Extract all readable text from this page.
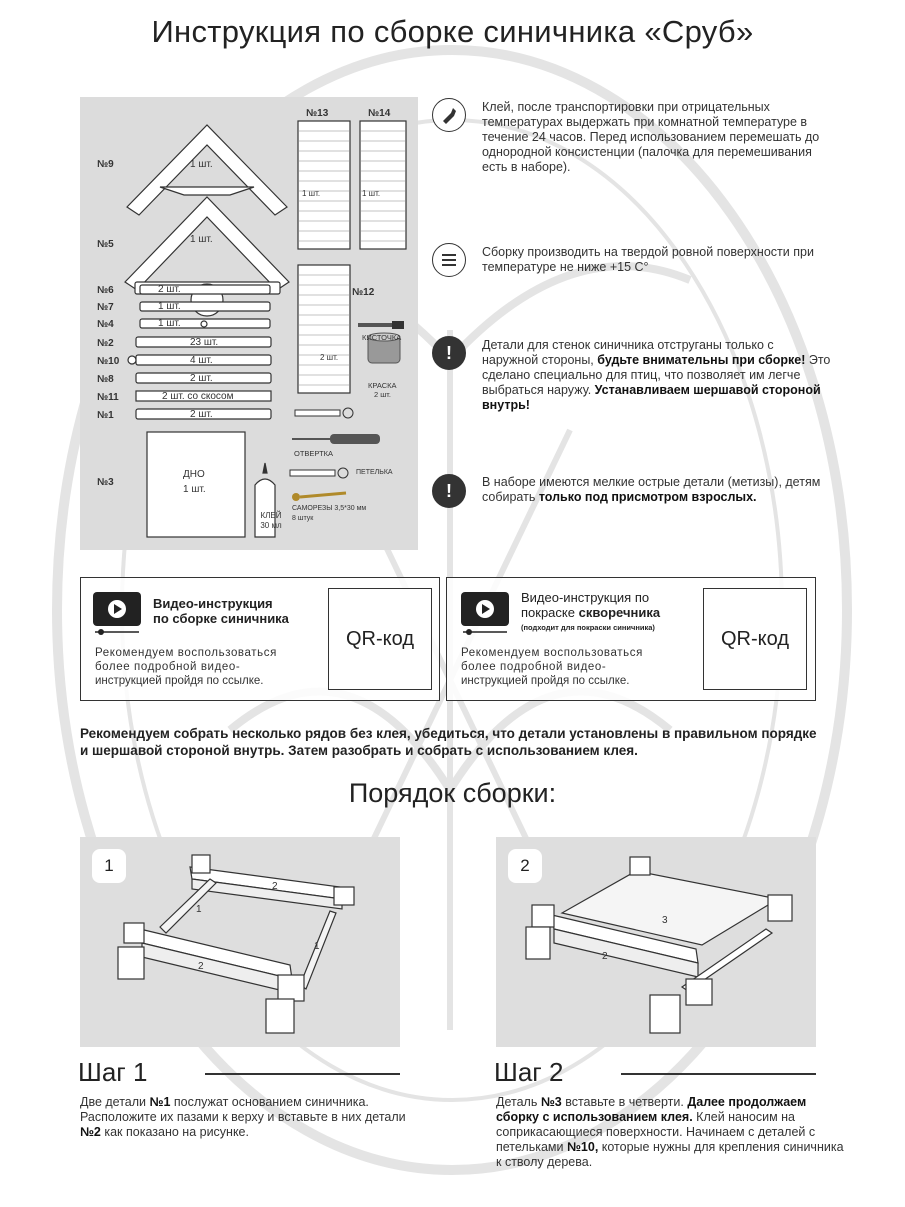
Инструкция по сборке синичника «Сруб»
КЛЕЙ
30 мл
№9
№5
№6
№7
№4
№2
№10
№8
№11
№1
№3
№13	№14
№12
1 шт.
1 шт.
2 шт.
1 шт.
1 шт.
23 шт.
4 шт.
2 шт.
2 шт. со скосом
2 шт.
1 шт.	1 шт.
2 шт.
ДНО
1 шт.
КИСТОЧКА
КРАСКА
2 шт.
ОТВЕРТКА
ПЕТЕЛЬКА
САМОРЕЗЫ 3,5*30 мм
8 штук
Клей, после транспортировки при отрицательных температурах выдержать при комнатной температуре в течение 24 часов. Перед использованием перемешать до однородной консистенции (палочка для перемешивания есть в наборе).
Сборку производить на твердой ровной поверхности при температуре не ниже +15 С°
! Детали для стенок синичника отструганы только с наружной стороны, будьте внимательны при сборке! Это сделано специально для птиц, что позволяет им легче выбраться наружу. Устанавливаем шершавой стороной внутрь!
! В наборе имеются мелкие острые детали (метизы), детям собирать только под присмотром взрослых.
Видео-инструкция
по сборке синичника
Рекомендуем воспользоваться
более подробной видео-
инструкцией пройдя по ссылке.
QR-код
Видео-инструкция по
покраске скворечника
(подходит для покраски синичника)
Рекомендуем воспользоваться
более подробной видео-
инструкцией пройдя по ссылке.
QR-код
Рекомендуем собрать несколько рядов без клея, убедиться, что детали установлены в правильном порядке и шершавой стороной внутрь. Затем разобрать и собрать с использованием клея.
Порядок сборки:
1
2
1
1
2
2
3
2
Шаг 1
Две детали №1 послужат основанием синичника. Расположите их пазами к верху и вставьте в них детали №2 как показано на рисунке.
Шаг 2
Деталь №3 вставьте в четверти. Далее продолжаем сборку с использованием клея. Клей наносим на соприкасающиеся поверхности. Начинаем с деталей с петельками №10, которые нужны для крепления синичника к стволу дерева.
